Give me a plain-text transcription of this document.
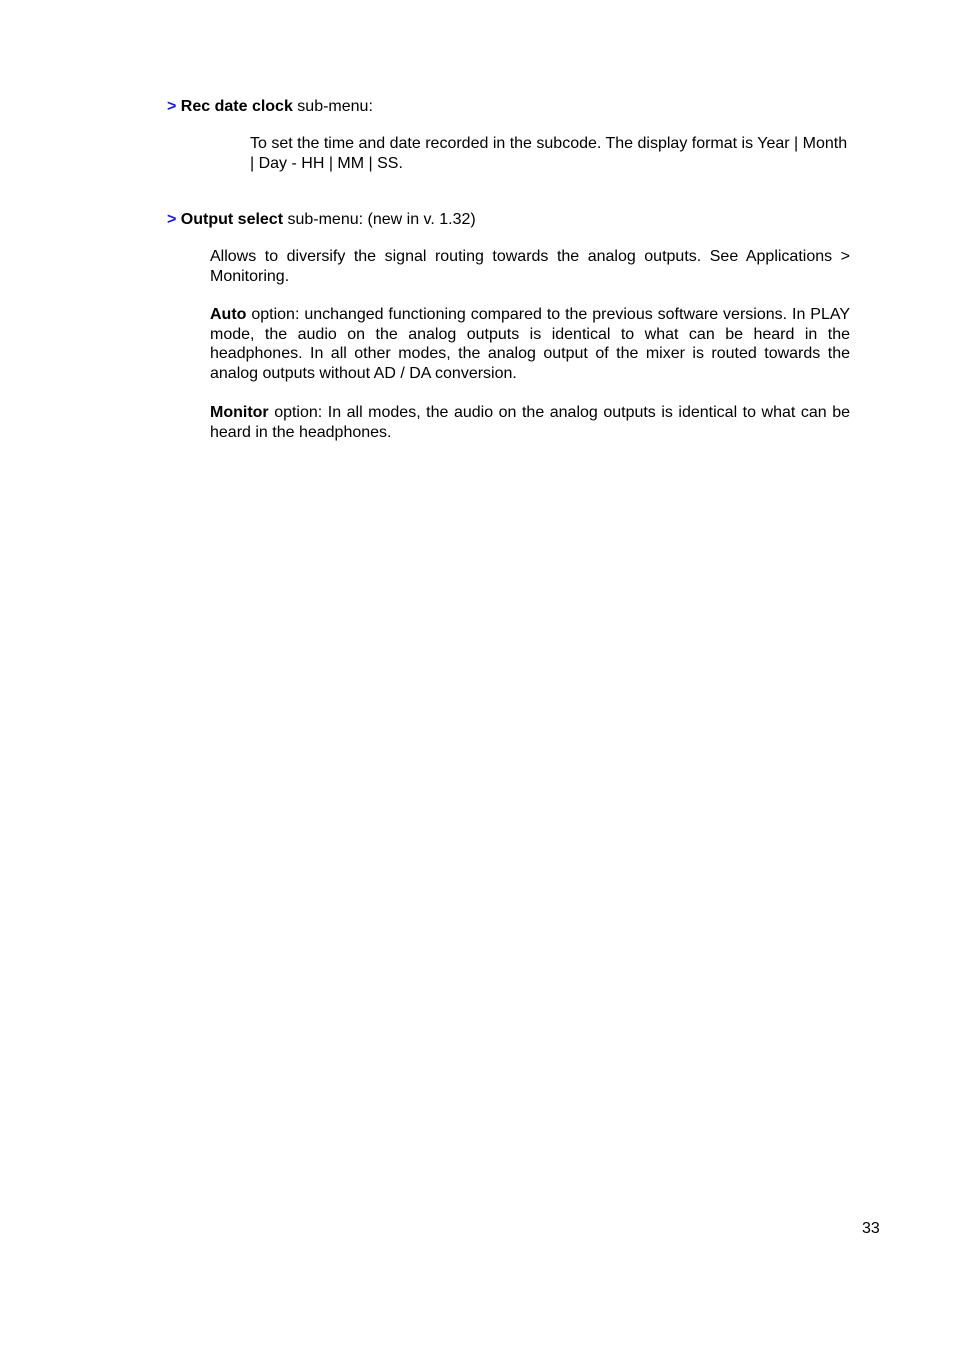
> Rec date clock sub-menu:

To set the time and date recorded in the subcode. The display format is Year | Month | Day - HH | MM | SS.

> Output select sub-menu: (new in v. 1.32)

Allows to diversify the signal routing towards the analog outputs. See Applications > Monitoring.

Auto option: unchanged functioning compared to the previous software versions. In PLAY mode, the audio on the analog outputs is identical to what can be heard in the headphones. In all other modes, the analog output of the mixer is routed towards the analog outputs without AD / DA conversion.

Monitor option: In all modes, the audio on the analog outputs is identical to what can be heard in the headphones.

33
